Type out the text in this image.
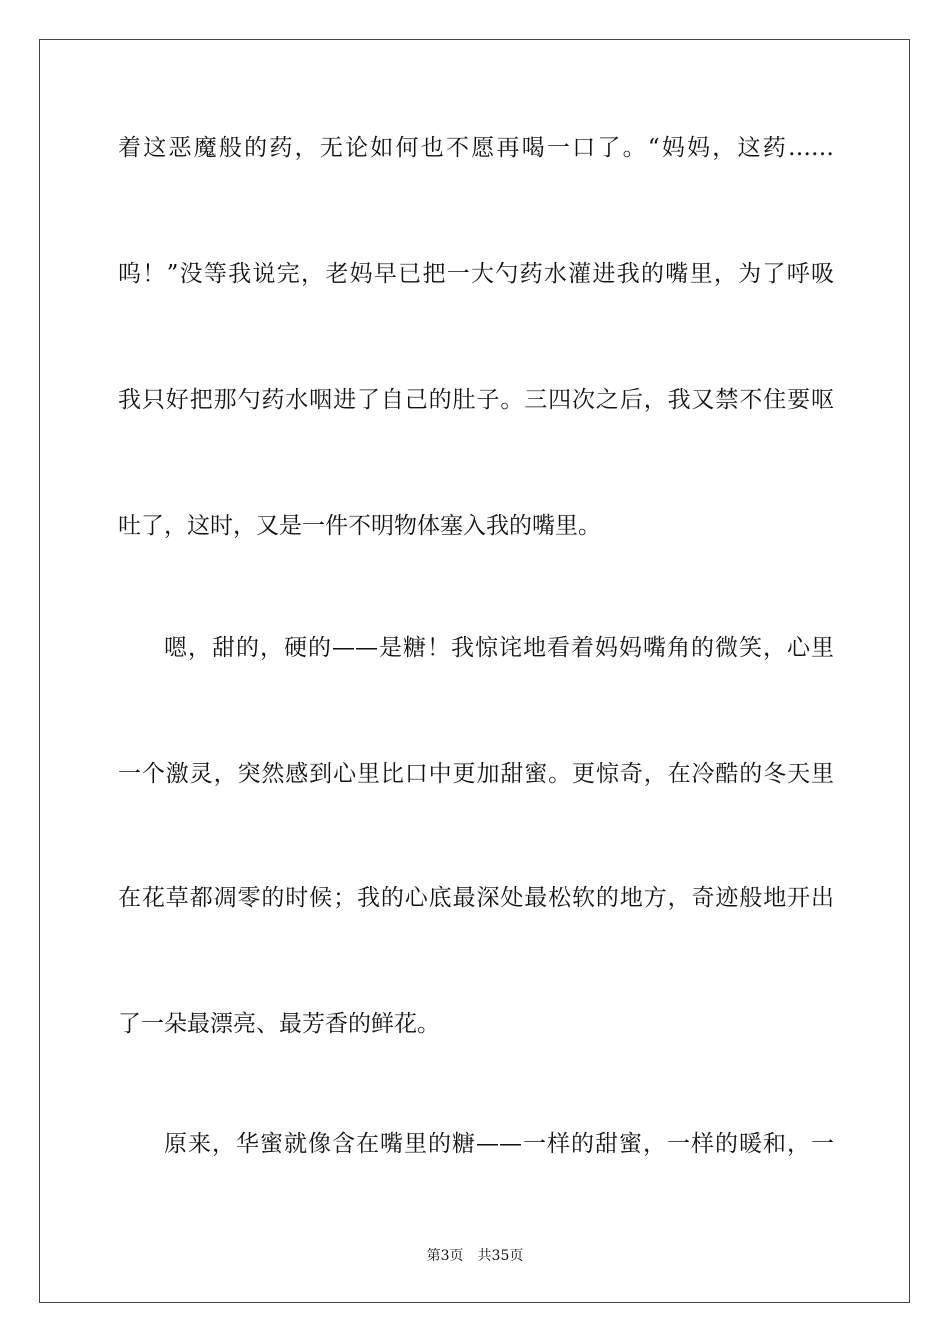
着这恶魔般的药，无论如何也不愿再喝一口了。“妈妈，这药……
呜！”没等我说完，老妈早已把一大勺药水灌进我的嘴里，为了呼吸
我只好把那勺药水咽进了自己的肚子。三四次之后，我又禁不住要呕
吐了，这时，又是一件不明物体塞入我的嘴里。
嗯，甜的，硬的——是糖！我惊诧地看着妈妈嘴角的微笑，心里
一个激灵，突然感到心里比口中更加甜蜜。更惊奇，在冷酷的冬天里
在花草都凋零的时候；我的心底最深处最松软的地方，奇迹般地开出
了一朵最漂亮、最芳香的鲜花。
原来，华蜜就像含在嘴里的糖——一样的甜蜜，一样的暖和，一
第3页 共35页
